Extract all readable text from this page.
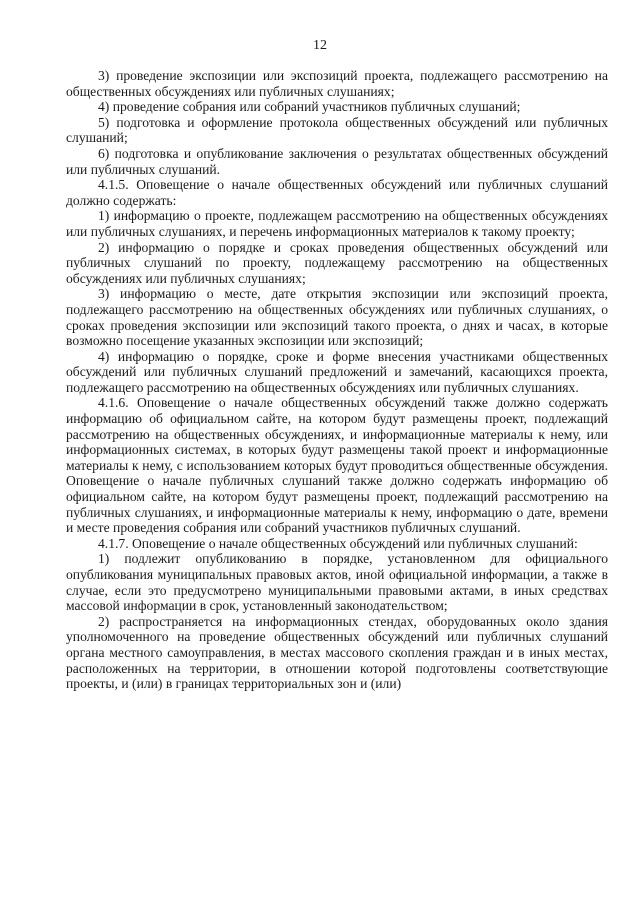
12

3) проведение экспозиции или экспозиций проекта, подлежащего рассмотрению на общественных обсуждениях или публичных слушаниях;

4) проведение собрания или собраний участников публичных слушаний;

5) подготовка и оформление протокола общественных обсуждений или публичных слушаний;

6) подготовка и опубликование заключения о результатах общественных обсуждений или публичных слушаний.

4.1.5. Оповещение о начале общественных обсуждений или публичных слушаний должно содержать:

1) информацию о проекте, подлежащем рассмотрению на общественных обсуждениях или публичных слушаниях, и перечень информационных материалов к такому проекту;

2) информацию о порядке и сроках проведения общественных обсуждений или публичных слушаний по проекту, подлежащему рассмотрению на общественных обсуждениях или публичных слушаниях;

3) информацию о месте, дате открытия экспозиции или экспозиций проекта, подлежащего рассмотрению на общественных обсуждениях или публичных слушаниях, о сроках проведения экспозиции или экспозиций такого проекта, о днях и часах, в которые возможно посещение указанных экспозиции или экспозиций;

4) информацию о порядке, сроке и форме внесения участниками общественных обсуждений или публичных слушаний предложений и замечаний, касающихся проекта, подлежащего рассмотрению на общественных обсуждениях или публичных слушаниях.

4.1.6. Оповещение о начале общественных обсуждений также должно содержать информацию об официальном сайте, на котором будут размещены проект, подлежащий рассмотрению на общественных обсуждениях, и информационные материалы к нему, или информационных системах, в которых будут размещены такой проект и информационные материалы к нему, с использованием которых будут проводиться общественные обсуждения. Оповещение о начале публичных слушаний также должно содержать информацию об официальном сайте, на котором будут размещены проект, подлежащий рассмотрению на публичных слушаниях, и информационные материалы к нему, информацию о дате, времени и месте проведения собрания или собраний участников публичных слушаний.

4.1.7. Оповещение о начале общественных обсуждений или публичных слушаний:

1) подлежит опубликованию в порядке, установленном для официального опубликования муниципальных правовых актов, иной официальной информации, а также в случае, если это предусмотрено муниципальными правовыми актами, в иных средствах массовой информации в срок, установленный законодательством;

2) распространяется на информационных стендах, оборудованных около здания уполномоченного на проведение общественных обсуждений или публичных слушаний органа местного самоуправления, в местах массового скопления граждан и в иных местах, расположенных на территории, в отношении которой подготовлены соответствующие проекты, и (или) в границах территориальных зон и (или)
